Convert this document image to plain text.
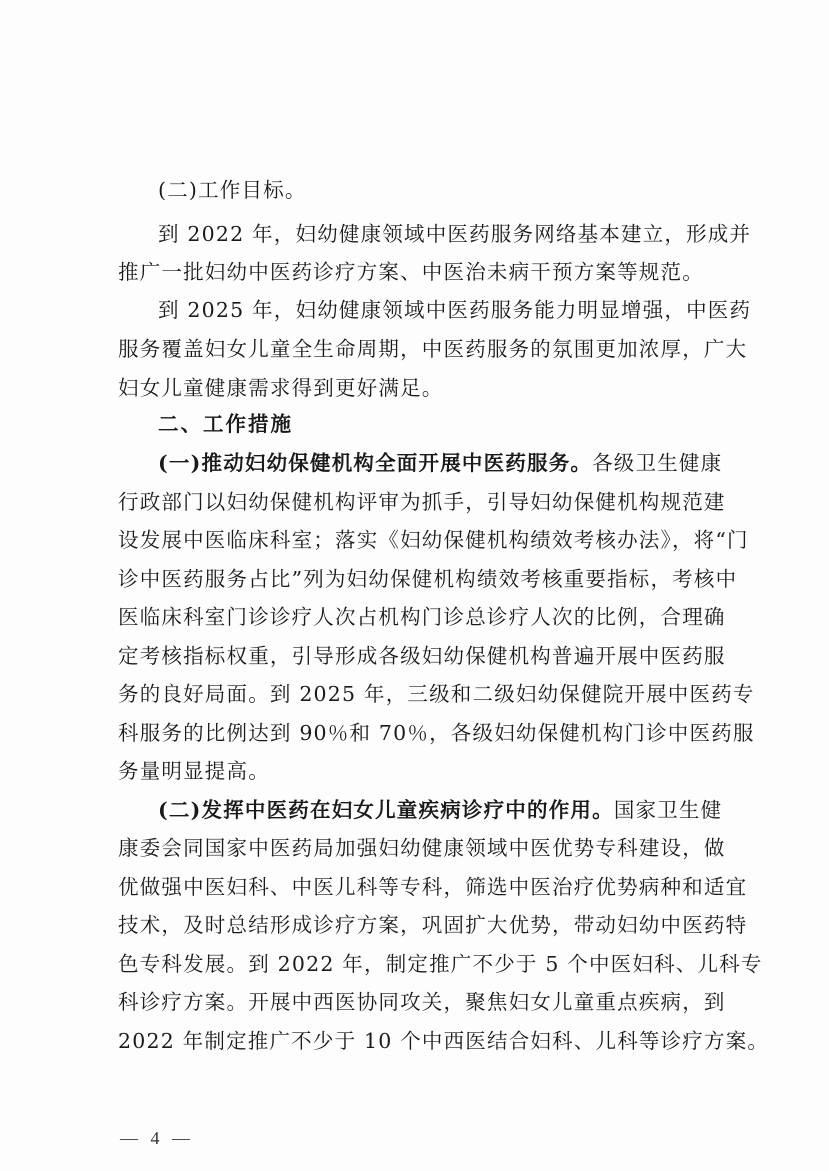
(二)工作目标。
到 2022 年，妇幼健康领域中医药服务网络基本建立，形成并
推广一批妇幼中医药诊疗方案、中医治未病干预方案等规范。
到 2025 年，妇幼健康领域中医药服务能力明显增强，中医药
服务覆盖妇女儿童全生命周期，中医药服务的氛围更加浓厚，广大
妇女儿童健康需求得到更好满足。
二、工作措施
(一)推动妇幼保健机构全面开展中医药服务。各级卫生健康
行政部门以妇幼保健机构评审为抓手，引导妇幼保健机构规范建
设发展中医临床科室；落实《妇幼保健机构绩效考核办法》，将“门
诊中医药服务占比”列为妇幼保健机构绩效考核重要指标，考核中
医临床科室门诊诊疗人次占机构门诊总诊疗人次的比例，合理确
定考核指标权重，引导形成各级妇幼保健机构普遍开展中医药服
务的良好局面。到 2025 年，三级和二级妇幼保健院开展中医药专
科服务的比例达到 90％和 70％，各级妇幼保健机构门诊中医药服
务量明显提高。
(二)发挥中医药在妇女儿童疾病诊疗中的作用。国家卫生健
康委会同国家中医药局加强妇幼健康领域中医优势专科建设，做
优做强中医妇科、中医儿科等专科，筛选中医治疗优势病种和适宜
技术，及时总结形成诊疗方案，巩固扩大优势，带动妇幼中医药特
色专科发展。到 2022 年，制定推广不少于 5 个中医妇科、儿科专
科诊疗方案。开展中西医协同攻关，聚焦妇女儿童重点疾病，到
2022 年制定推广不少于 10 个中西医结合妇科、儿科等诊疗方案。
— 4 —
